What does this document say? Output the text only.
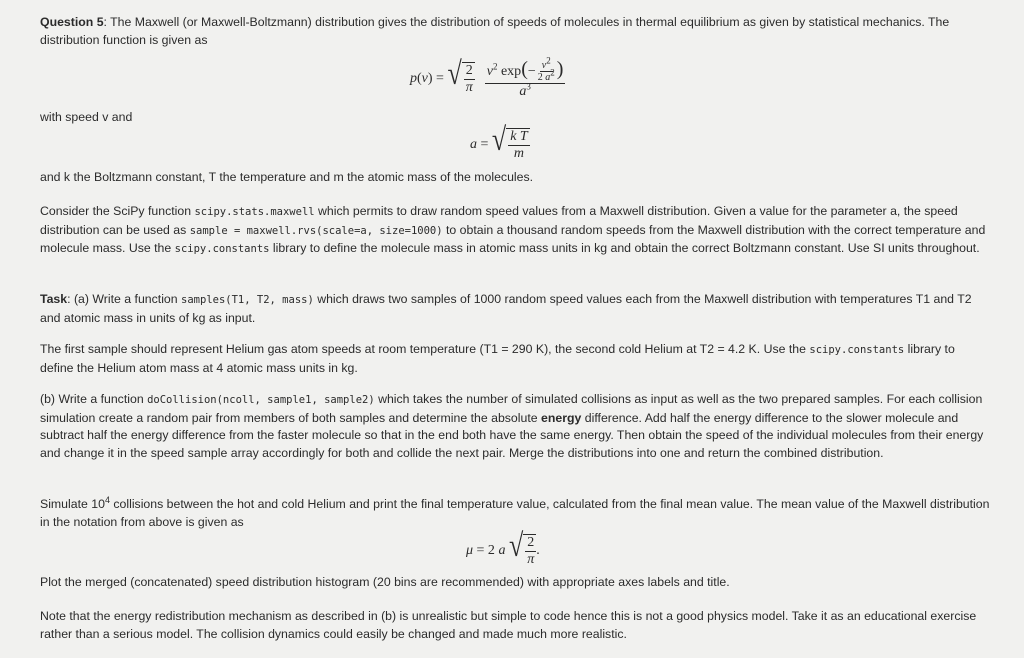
Question 5: The Maxwell (or Maxwell-Boltzmann) distribution gives the distribution of speeds of molecules in thermal equilibrium as given by statistical mechanics. The distribution function is given as
p(v) = √ $\frac{2}{\pi} \frac{v^2 \exp(- \frac{v^2}{2 a^2} )}{a^3}$
with speed v and
a = √ $\frac{\text{k T}}{m}$
and k the Boltzmann constant, T the temperature and m the atomic mass of the molecules.
Consider the SciPy function scipy.stats.maxwell which permits to draw random speed values from a Maxwell distribution. Given a value for the parameter a, the speed distribution can be used as sample = maxwell.rvs(scale=a, size=1000) to obtain a thousand random speeds from the Maxwell distribution with the correct temperature and molecule mass. Use the scipy.constants library to define the molecule mass in atomic mass units in kg and obtain the correct Boltzmann constant. Use SI units throughout.
Task: (a) Write a function samples(T1, T2, mass) which draws two samples of 1000 random speed values each from the Maxwell distribution with temperatures T1 and T2 and atomic mass in units of kg as input.
The first sample should represent Helium gas atom speeds at room temperature (T1 = 290 K), the second cold Helium at T2 = 4.2 K. Use the scipy.constants library to define the Helium atom mass at 4 atomic mass units in kg.
(b) Write a function doCollision(ncoll, sample1, sample2) which takes the number of simulated collisions as input as well as the two prepared samples. For each collision simulation create a random pair from members of both samples and determine the absolute energy difference. Add half the energy difference to the slower molecule and subtract half the energy difference from the faster molecule so that in the end both have the same energy. Then obtain the speed of the individual molecules from their energy and change it in the speed sample array accordingly for both and collide the next pair. Merge the distributions into one and return the combined distribution.
Simulate $10^4$ collisions between the hot and cold Helium and print the final temperature value, calculated from the final mean value. The mean value of the Maxwell distribution in the notation from above is given as
μ = 2 a √ $\frac{2}{\pi}$ .
Plot the merged (concatenated) speed distribution histogram (20 bins are recommended) with appropriate axes labels and title.
Note that the energy redistribution mechanism as described in (b) is unrealistic but simple to code hence this is not a good physics model. Take it as an educational exercise rather than a serious model. The collision dynamics could easily be changed and made much more realistic.
